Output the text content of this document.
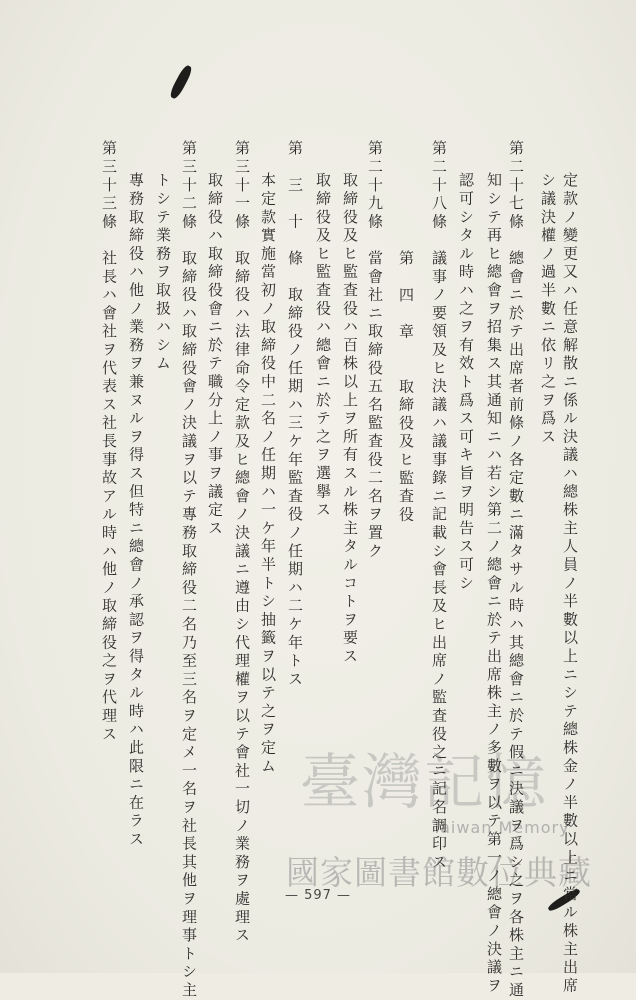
臺灣記憶
Taiwan Memory
國家圖書館數位典藏
定款ノ變更又ハ任意解散ニ係ル決議ハ總株主人員ノ半數以上ニシテ總株金ノ半數以上ニ當ル株主出席
シ議決權ノ過半數ニ依リ之ヲ爲ス
第二十七條　總會ニ於テ出席者前條ノ各定數ニ滿タサル時ハ其總會ニ於テ假ニ決議ヲ爲シ之ヲ各株主ニ通
知シテ再ヒ總會ヲ招集ス其通知ニハ若シ第二ノ總會ニ於テ出席株主ノ多數ヲ以テ第一ノ總會ノ決議ヲ
認可シタル時ハ之ヲ有效ト爲ス可キ旨ヲ明告ス可シ
第二十八條　議事ノ要領及ヒ決議ハ議事錄ニ記載シ會長及ヒ出席ノ監査役之ニ記名調印ス
第　四　章　　取締役及ヒ監査役
第二十九條　當會社ニ取締役五名監査役二名ヲ置ク
取締役及ヒ監査役ハ百株以上ヲ所有スル株主タルコトヲ要ス
取締役及ヒ監査役ハ總會ニ於テ之ヲ選擧ス
第　三　十　條　取締役ノ任期ハ三ケ年監査役ノ任期ハ二ケ年トス
本定款實施當初ノ取締役中二名ノ任期ハ一ケ年半トシ抽籤ヲ以テ之ヲ定ム
第三十一條　取締役ハ法律命令定款及ヒ總會ノ決議ニ遵由シ代理權ヲ以テ會社一切ノ業務ヲ處理ス
取締役ハ取締役會ニ於テ職分上ノ事ヲ議定ス
第三十二條　取締役ハ取締役會ノ決議ヲ以テ專務取締役二名乃至三名ヲ定メ一名ヲ社長其他ヲ理事トシ主
トシテ業務ヲ取扱ハシム
專務取締役ハ他ノ業務ヲ兼ヌルヲ得ス但特ニ總會ノ承認ヲ得タル時ハ此限ニ在ラス
第三十三條　社長ハ會社ヲ代表ス社長事故アル時ハ他ノ取締役之ヲ代理ス
— 597 —
